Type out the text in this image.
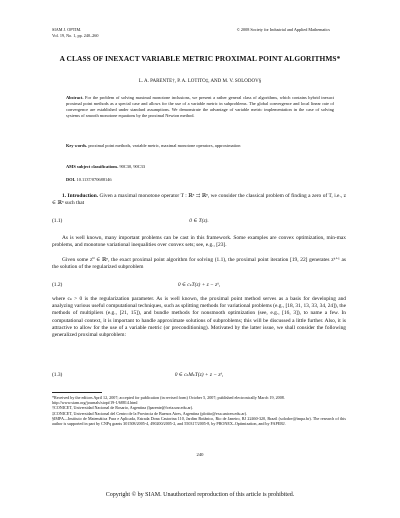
SIAM J. OPTIM.
Vol. 19, No. 1, pp. 240–260
© 2008 Society for Industrial and Applied Mathematics
A CLASS OF INEXACT VARIABLE METRIC PROXIMAL POINT ALGORITHMS*
L. A. PARENTE†, P. A. LOTITO‡, AND M. V. SOLODOV§
Abstract. For the problem of solving maximal monotone inclusions, we present a rather general class of algorithms, which contains hybrid inexact proximal point methods as a special case and allows for the use of a variable metric in subproblems. The global convergence and local linear rate of convergence are established under standard assumptions. We demonstrate the advantage of variable metric implementation in the case of solving systems of smooth monotone equations by the proximal Newton method.
Key words. proximal point methods, variable metric, maximal monotone operators, approximation
AMS subject classifications. 90C30, 90C33
DOI. 10.1137/070688146
1. Introduction. Given a maximal monotone operator T : ℝⁿ ⇉ ℝⁿ, we consider the classical problem of finding a zero of T, i.e., z ∈ ℝⁿ such that
(1.1)	0 ∈ T(z).
As is well known, many important problems can be cast in this framework. Some examples are convex optimization, min-max problems, and monotone variational inequalities over convex sets; see, e.g., [23].
Given some z⁰ ∈ ℝⁿ, the exact proximal point algorithm for solving (1.1), the proximal point iteration [19, 22] generates zᵏ⁺¹ as the solution of the regularized subproblem
(1.2)	0 ∈ cₖT(z) + z − zᵏ,
where cₖ > 0 is the regularization parameter. As is well known, the proximal point method serves as a basis for developing and analyzing various useful computational techniques, such as splitting methods for variational problems (e.g., [18, 31, 13, 33, 34, 24]), the methods of multipliers (e.g., [21, 15]), and bundle methods for nonsmooth optimization (see, e.g., [16, 3]), to name a few. In computational context, it is important to handle approximate solutions of subproblems; this will be discussed a little further. Also, it is attractive to allow for the use of a variable metric (or preconditioning). Motivated by the latter issue, we shall consider the following generalized proximal subproblem:
(1.3)	0 ∈ cₖMₖT(z) + z − zᵏ,

*Received by the editors April 12, 2007; accepted for publication (in revised form) October 5, 2007; published electronically March 19, 2008.

http://www.siam.org/journals/siopt/19-1/68814.html

†CONICET, Universidad Nacional de Rosario, Argentina (lparente@fceia.unr.edu.ar).

‡CONICET, Universidad Nacional del Centro de la Provincia de Buenos Aires, Argentina (plotito@exa.unicen.edu.ar).

§IMPA—Instituto de Matemática Pura e Aplicada, Estrada Dona Castorina 110, Jardim Botânico, Rio de Janeiro, RJ 22460-320, Brazil (solodov@impa.br). The research of this author is supported in part by CNPq grants 301508/2005-4, 490200/2005-2, and 550317/2005-8, by PRONEX–Optimization, and by FAPERJ.

240
Copyright © by SIAM. Unauthorized reproduction of this article is prohibited.
